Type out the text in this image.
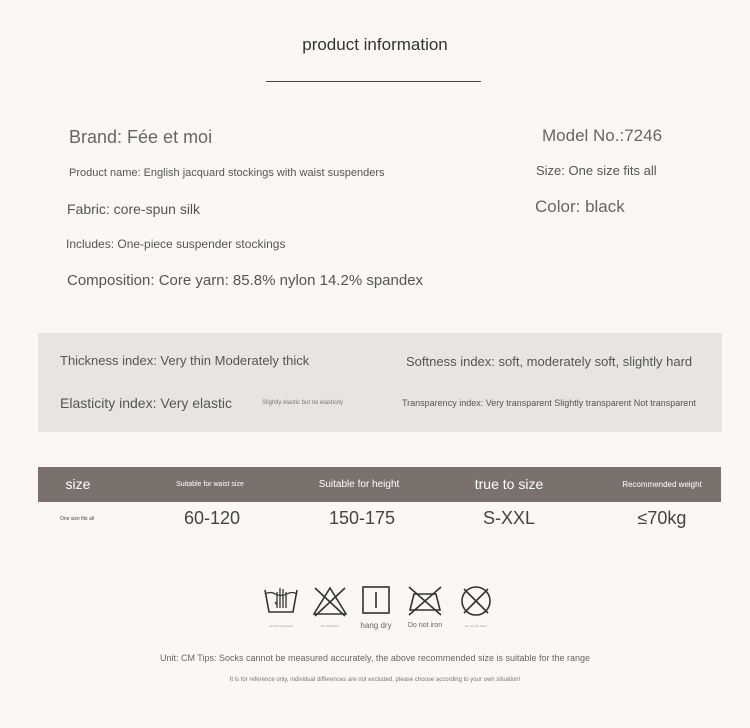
product information
Brand: Fée et moi	Model No.:7246
Product name: English jacquard stockings with waist suspenders	Size: One size fits all
Fabric: core-spun silk	Color: black
Includes: One-piece suspender stockings
Composition: Core yarn: 85.8% nylon 14.2% spandex
Thickness index: Very thin Moderately thick	Softness index: soft, moderately soft, slightly hard
Elasticity index: Very elastic	Slightly elastic but no elasticity	Transparency index: Very transparent Slightly transparent Not transparent
size	Suitable for waist size	Suitable for height	true to size	Recommended weight
One size fits all	60-120	150-175	S-XXL	≤70kg
Gentle hand wash	Do not bleach	hang dry	Do not iron	Do not dry clean
Unit: CM Tips: Socks cannot be measured accurately, the above recommended size is suitable for the range
It is for reference only, individual differences are not excluded, please choose according to your own situation!
